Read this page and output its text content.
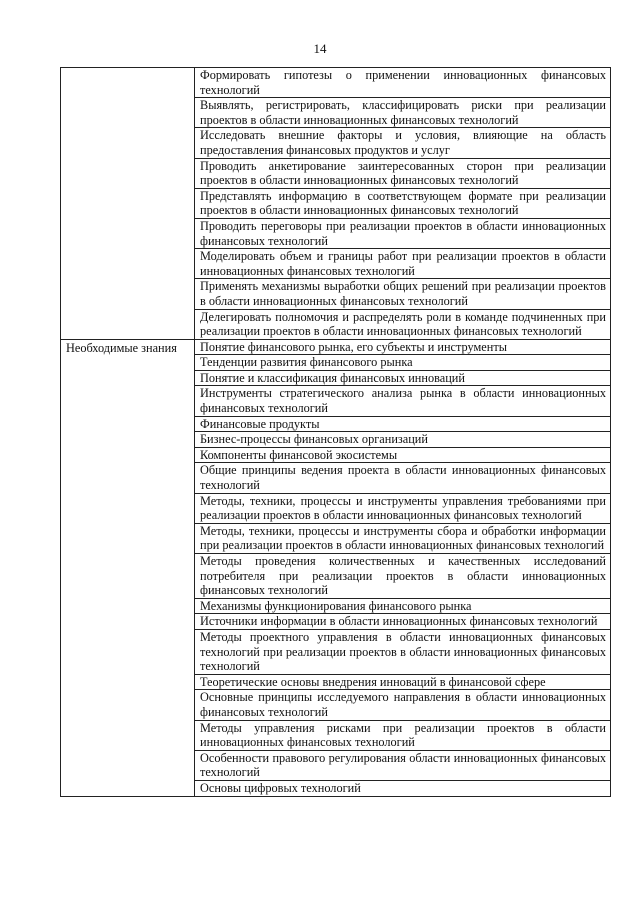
14

	Формировать гипотезы о применении инновационных финансовых технологий

	Выявлять, регистрировать, классифицировать риски при реализации проектов в области инновационных финансовых технологий

	Исследовать внешние факторы и условия, влияющие на область предоставления финансовых продуктов и услуг

	Проводить анкетирование заинтересованных сторон при реализации проектов в области инновационных финансовых технологий

	Представлять информацию в соответствующем формате при реализации проектов в области инновационных финансовых технологий

	Проводить переговоры при реализации проектов в области инновационных финансовых технологий

	Моделировать объем и границы работ при реализации проектов в области инновационных финансовых технологий

	Применять механизмы выработки общих решений при реализации проектов в области инновационных финансовых технологий

	Делегировать полномочия и распределять роли в команде подчиненных при реализации проектов в области инновационных финансовых технологий

Необходимые знания	Понятие финансового рынка, его субъекты и инструменты

	Тенденции развития финансового рынка

	Понятие и классификация финансовых инноваций

	Инструменты стратегического анализа рынка в области инновационных финансовых технологий

	Финансовые продукты

	Бизнес-процессы финансовых организаций

	Компоненты финансовой экосистемы

	Общие принципы ведения проекта в области инновационных финансовых технологий

	Методы, техники, процессы и инструменты управления требованиями при реализации проектов в области инновационных финансовых технологий

	Методы, техники, процессы и инструменты сбора и обработки информации при реализации проектов в области инновационных финансовых технологий

	Методы проведения количественных и качественных исследований потребителя при реализации проектов в области инновационных финансовых технологий

	Механизмы функционирования финансового рынка

	Источники информации в области инновационных финансовых технологий

	Методы проектного управления в области инновационных финансовых технологий при реализации проектов в области инновационных финансовых технологий

	Теоретические основы внедрения инноваций в финансовой сфере

	Основные принципы исследуемого направления в области инновационных финансовых технологий

	Методы управления рисками при реализации проектов в области инновационных финансовых технологий

	Особенности правового регулирования области инновационных финансовых технологий

	Основы цифровых технологий
